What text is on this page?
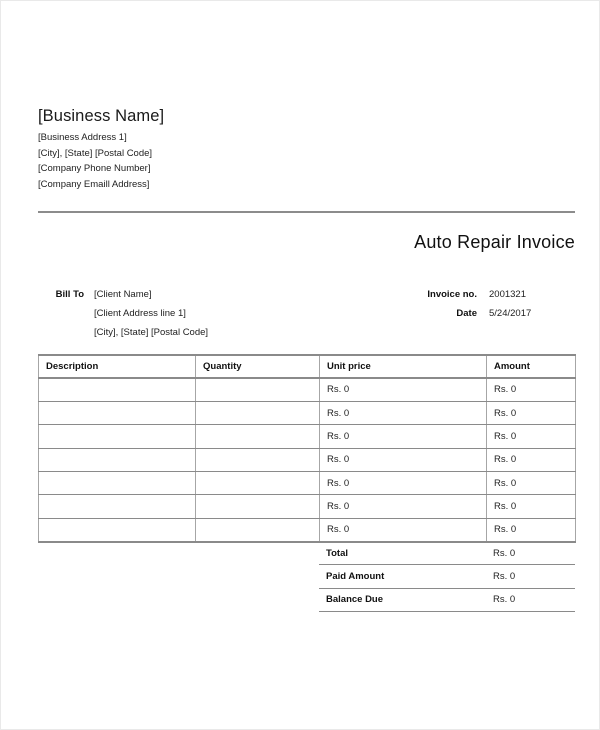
[Business Name]
[Business Address 1]
[City], [State] [Postal Code]
[Company Phone Number]
[Company Emaill Address]
Auto Repair Invoice
Bill To	[Client Name]
[Client Address line 1]
[City], [State] [Postal Code]
Invoice no.	2001321
Date	5/24/2017
Description	Quantity	Unit price	Amount
		Rs. 0	Rs. 0
		Rs. 0	Rs. 0
		Rs. 0	Rs. 0
		Rs. 0	Rs. 0
		Rs. 0	Rs. 0
		Rs. 0	Rs. 0
		Rs. 0	Rs. 0
Total	Rs. 0
Paid Amount	Rs. 0
Balance Due	Rs. 0
